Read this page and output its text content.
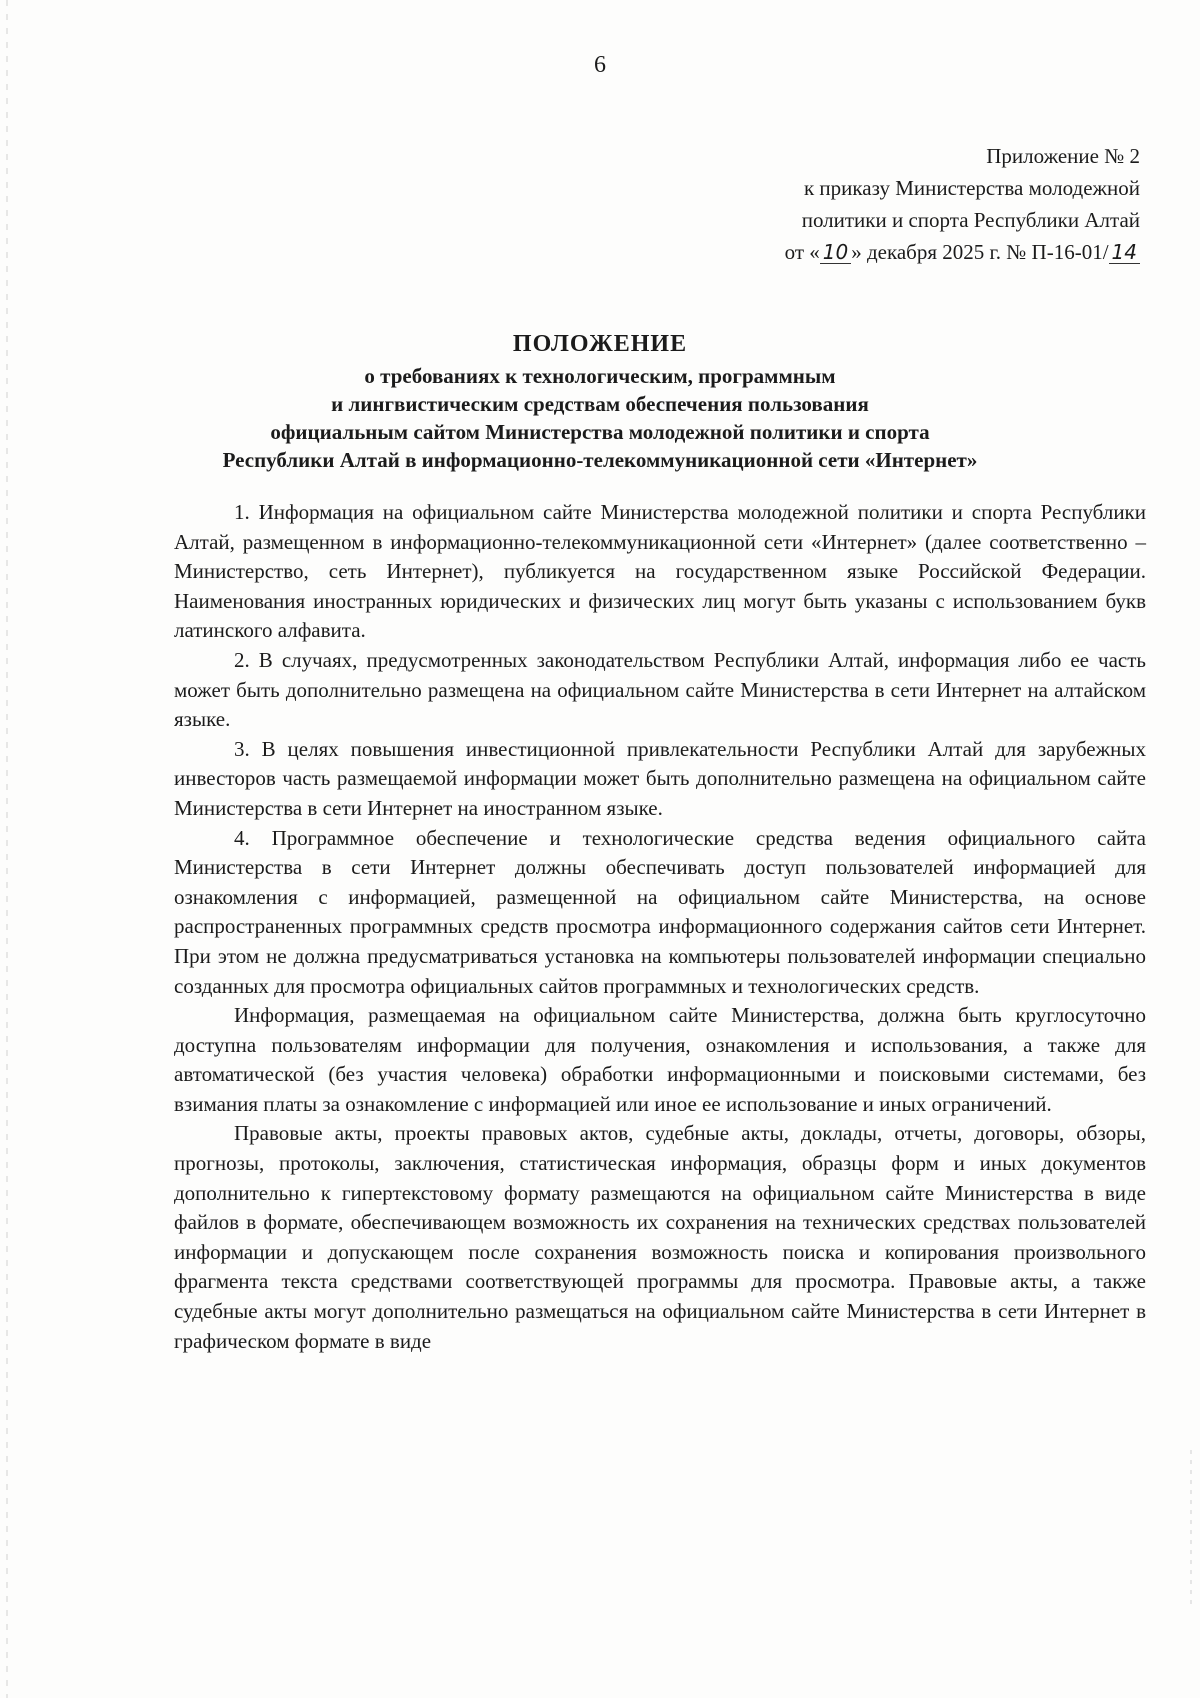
6
Приложение № 2
к приказу Министерства молодежной
политики и спорта Республики Алтай
от « 10 » декабря 2025 г. № П-16-01/ 14
ПОЛОЖЕНИЕ
о требованиях к технологическим, программным
и лингвистическим средствам обеспечения пользования
официальным сайтом Министерства молодежной политики и спорта
Республики Алтай в информационно-телекоммуникационной сети «Интернет»

1. Информация на официальном сайте Министерства молодежной политики и спорта Республики Алтай, размещенном в информационно-телекоммуникационной сети «Интернет» (далее соответственно – Министерство, сеть Интернет), публикуется на государственном языке Российской Федерации. Наименования иностранных юридических и физических лиц могут быть указаны с использованием букв латинского алфавита.

2. В случаях, предусмотренных законодательством Республики Алтай, информация либо ее часть может быть дополнительно размещена на официальном сайте Министерства в сети Интернет на алтайском языке.

3. В целях повышения инвестиционной привлекательности Республики Алтай для зарубежных инвесторов часть размещаемой информации может быть дополнительно размещена на официальном сайте Министерства в сети Интернет на иностранном языке.

4. Программное обеспечение и технологические средства ведения официального сайта Министерства в сети Интернет должны обеспечивать доступ пользователей информацией для ознакомления с информацией, размещенной на официальном сайте Министерства, на основе распространенных программных средств просмотра информационного содержания сайтов сети Интернет. При этом не должна предусматриваться установка на компьютеры пользователей информации специально созданных для просмотра официальных сайтов программных и технологических средств.

Информация, размещаемая на официальном сайте Министерства, должна быть круглосуточно доступна пользователям информации для получения, ознакомления и использования, а также для автоматической (без участия человека) обработки информационными и поисковыми системами, без взимания платы за ознакомление с информацией или иное ее использование и иных ограничений.

Правовые акты, проекты правовых актов, судебные акты, доклады, отчеты, договоры, обзоры, прогнозы, протоколы, заключения, статистическая информация, образцы форм и иных документов дополнительно к гипертекстовому формату размещаются на официальном сайте Министерства в виде файлов в формате, обеспечивающем возможность их сохранения на технических средствах пользователей информации и допускающем после сохранения возможность поиска и копирования произвольного фрагмента текста средствами соответствующей программы для просмотра. Правовые акты, а также судебные акты могут дополнительно размещаться на официальном сайте Министерства в сети Интернет в графическом формате в виде
